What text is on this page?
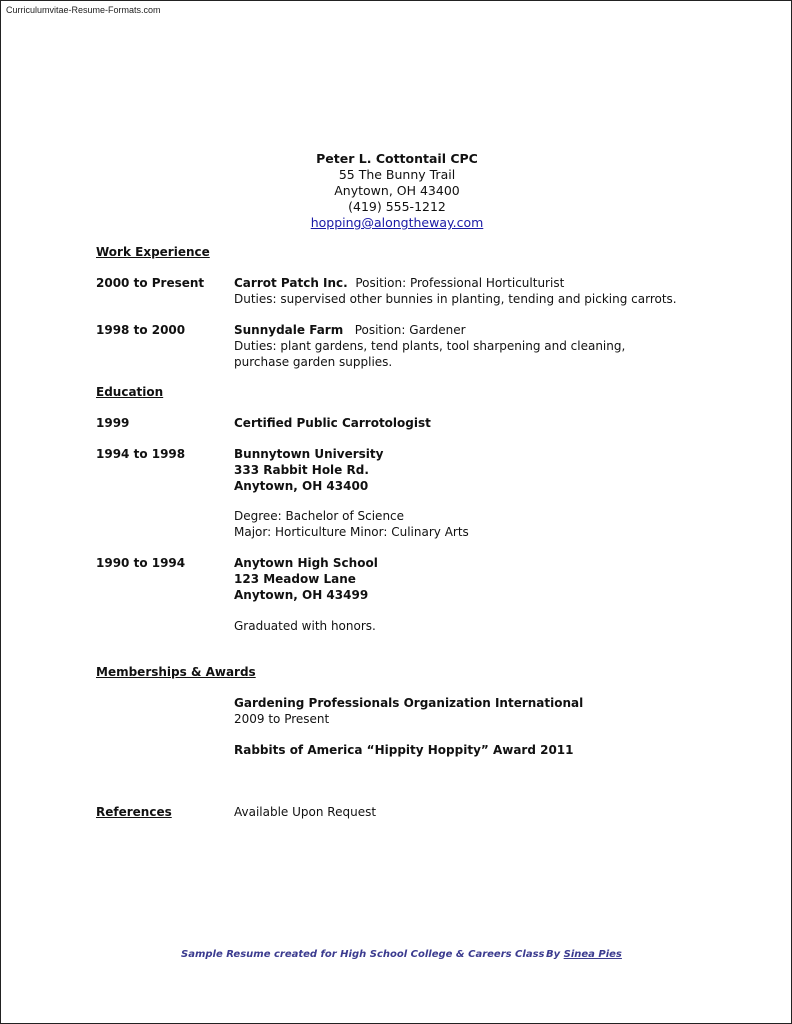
Curriculumvitae-Resume-Formats.com
Peter L. Cottontail CPC
55 The Bunny Trail
Anytown, OH 43400
(419) 555-1212
hopping@alongtheway.com
Work Experience
2000 to Present Carrot Patch Inc. Position: Professional Horticulturist
Duties: supervised other bunnies in planting, tending and picking carrots.
1998 to 2000	Sunnydale Farm Position: Gardener
Duties: plant gardens, tend plants, tool sharpening and cleaning,
purchase garden supplies.
Education
1999	Certified Public Carrotologist
1994 to 1998	Bunnytown University
333 Rabbit Hole Rd.
Anytown, OH 43400
Degree: Bachelor of Science
Major: Horticulture Minor: Culinary Arts
1990 to 1994	Anytown High School
123 Meadow Lane
Anytown, OH 43499
Graduated with honors.
Memberships & Awards
Gardening Professionals Organization International
2009 to Present
Rabbits of America “Hippity Hoppity” Award 2011
References	Available Upon Request
Sample Resume created for High School College & Careers Class By Sinea Pies
